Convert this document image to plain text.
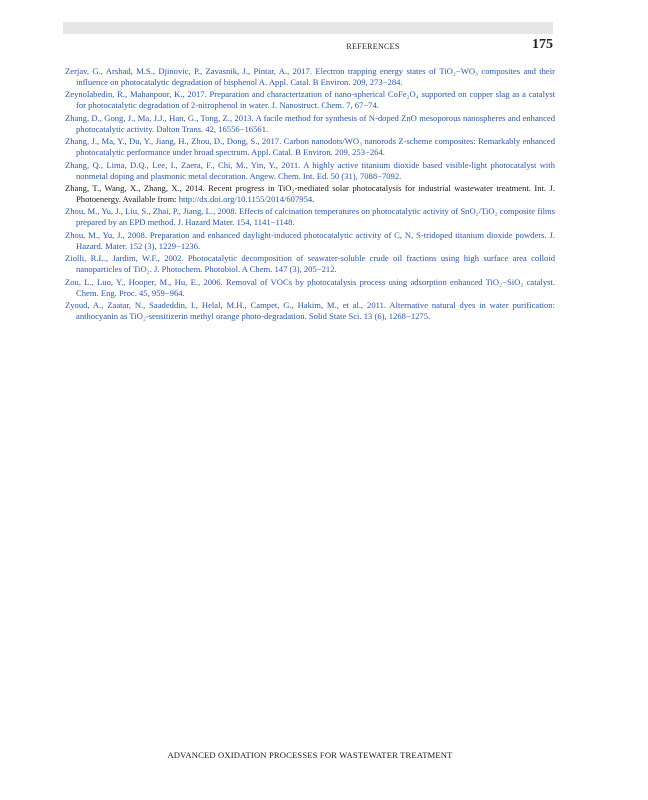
REFERENCES	175
Zerjav, G., Arshad, M.S., Djinovic, P., Zavasnik, J., Pintar, A., 2017. Electron trapping energy states of TiO₂−WO₃ composites and their influence on photocatalytic degradation of bisphenol A. Appl. Catal. B Environ. 209, 273−284.
Zeynolabedin, R., Mahanpoor, K., 2017. Preparation and characterization of nano-spherical CoFe₂O₄ supported on copper slag as a catalyst for photocatalytic degradation of 2-nitrophenol in water. J. Nanostruct. Chem. 7, 67−74.
Zhang, D., Gong, J., Ma, J.J., Han, G., Tong, Z., 2013. A facile method for synthesis of N-doped ZnO mesoporous nanospheres and enhanced photocatalytic activity. Dalton Trans. 42, 16556−16561.
Zhang, J., Ma, Y., Du, Y., Jiang, H., Zhou, D., Dong, S., 2017. Carbon nanodots/WO₃ nanorods Z-scheme composites: Remarkably enhanced photocatalytic performance under broad spectrum. Appl. Catal. B Environ. 209, 253−264.
Zhang, Q., Lima, D.Q., Lee, I., Zaera, F., Chi, M., Yin, Y., 2011. A highly active titanium dioxide based visible-light photocatalyst with nonmetal doping and plasmonic metal decoration. Angew. Chem. Int. Ed. 50 (31), 7088−7092.
Zhang, T., Wang, X., Zhang, X., 2014. Recent progress in TiO₂-mediated solar photocatalysis for industrial wastewater treatment. Int. J. Photoenergy. Available from: http://dx.doi.org/10.1155/2014/607954.
Zhou, M., Yu, J., Liu, S., Zhai, P., Jiang, L., 2008. Effects of calcination temperatures on photocatalytic activity of SnO₂/TiO₂ composite films prepared by an EPD method. J. Hazard Mater. 154, 1141−1148.
Zhou, M., Yu, J., 2008. Preparation and enhanced daylight-induced photocatalytic activity of C, N, S-tridoped titanium dioxide powders. J. Hazard. Mater. 152 (3), 1229−1236.
Ziolli, R.L., Jardim, W.F., 2002. Photocatalytic decomposition of seawater-soluble crude oil fractions using high surface area colloid nanoparticles of TiO₂. J. Photochem. Photobiol. A Chem. 147 (3), 205−212.
Zou, L., Luo, Y., Hooper, M., Hu, E., 2006. Removal of VOCs by photocatalysis process using adsorption enhanced TiO₂−SiO₂ catalyst. Chem. Eng. Proc. 45, 959−964.
Zyoud, A., Zaatar, N., Saadeddin, I., Helal, M.H., Campet, G., Hakim, M., et al., 2011. Alternative natural dyes in water purification: anthocyanin as TiO₂-sensitizerin methyl orange photo-degradation. Solid State Sci. 13 (6), 1268−1275.
ADVANCED OXIDATION PROCESSES FOR WASTEWATER TREATMENT
